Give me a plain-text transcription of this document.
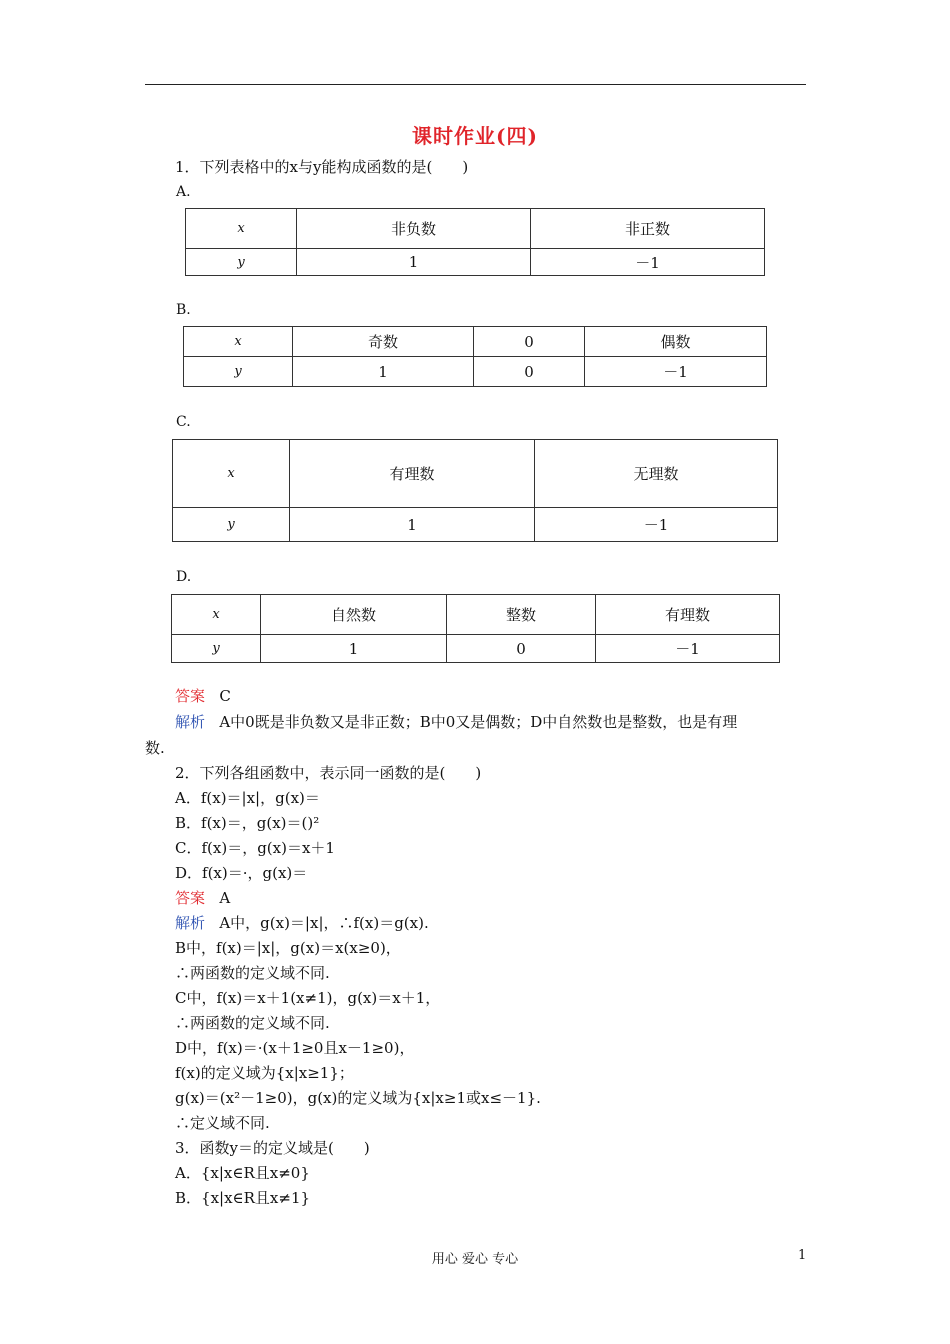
课时作业(四)
1．下列表格中的x与y能构成函数的是(　　)
A.
x	非负数	非正数
y	1	－1
B.
x	奇数	0	偶数
y	1	0	－1
C.
x	有理数	无理数
y	1	－1
D.
x	自然数	整数	有理数
y	1	0	－1
答案 C
解析 A中0既是非负数又是非正数；B中0又是偶数；D中自然数也是整数，也是有理
数.
2．下列各组函数中，表示同一函数的是(　　)
A．f(x)＝|x|，g(x)＝
B．f(x)＝，g(x)＝()²
C．f(x)＝，g(x)＝x＋1
D．f(x)＝·，g(x)＝
答案 A
解析 A中，g(x)＝|x|，∴f(x)＝g(x).
B中，f(x)＝|x|，g(x)＝x(x≥0)，
∴两函数的定义域不同.
C中，f(x)＝x＋1(x≠1)，g(x)＝x＋1，
∴两函数的定义域不同.
D中，f(x)＝·(x＋1≥0且x－1≥0)，
f(x)的定义域为{x|x≥1}；
g(x)＝(x²－1≥0)，g(x)的定义域为{x|x≥1或x≤－1}.
∴定义域不同.
3．函数y＝的定义域是(　　)
A．{x|x∈R且x≠0}
B．{x|x∈R且x≠1}
用心 爱心 专心	1
